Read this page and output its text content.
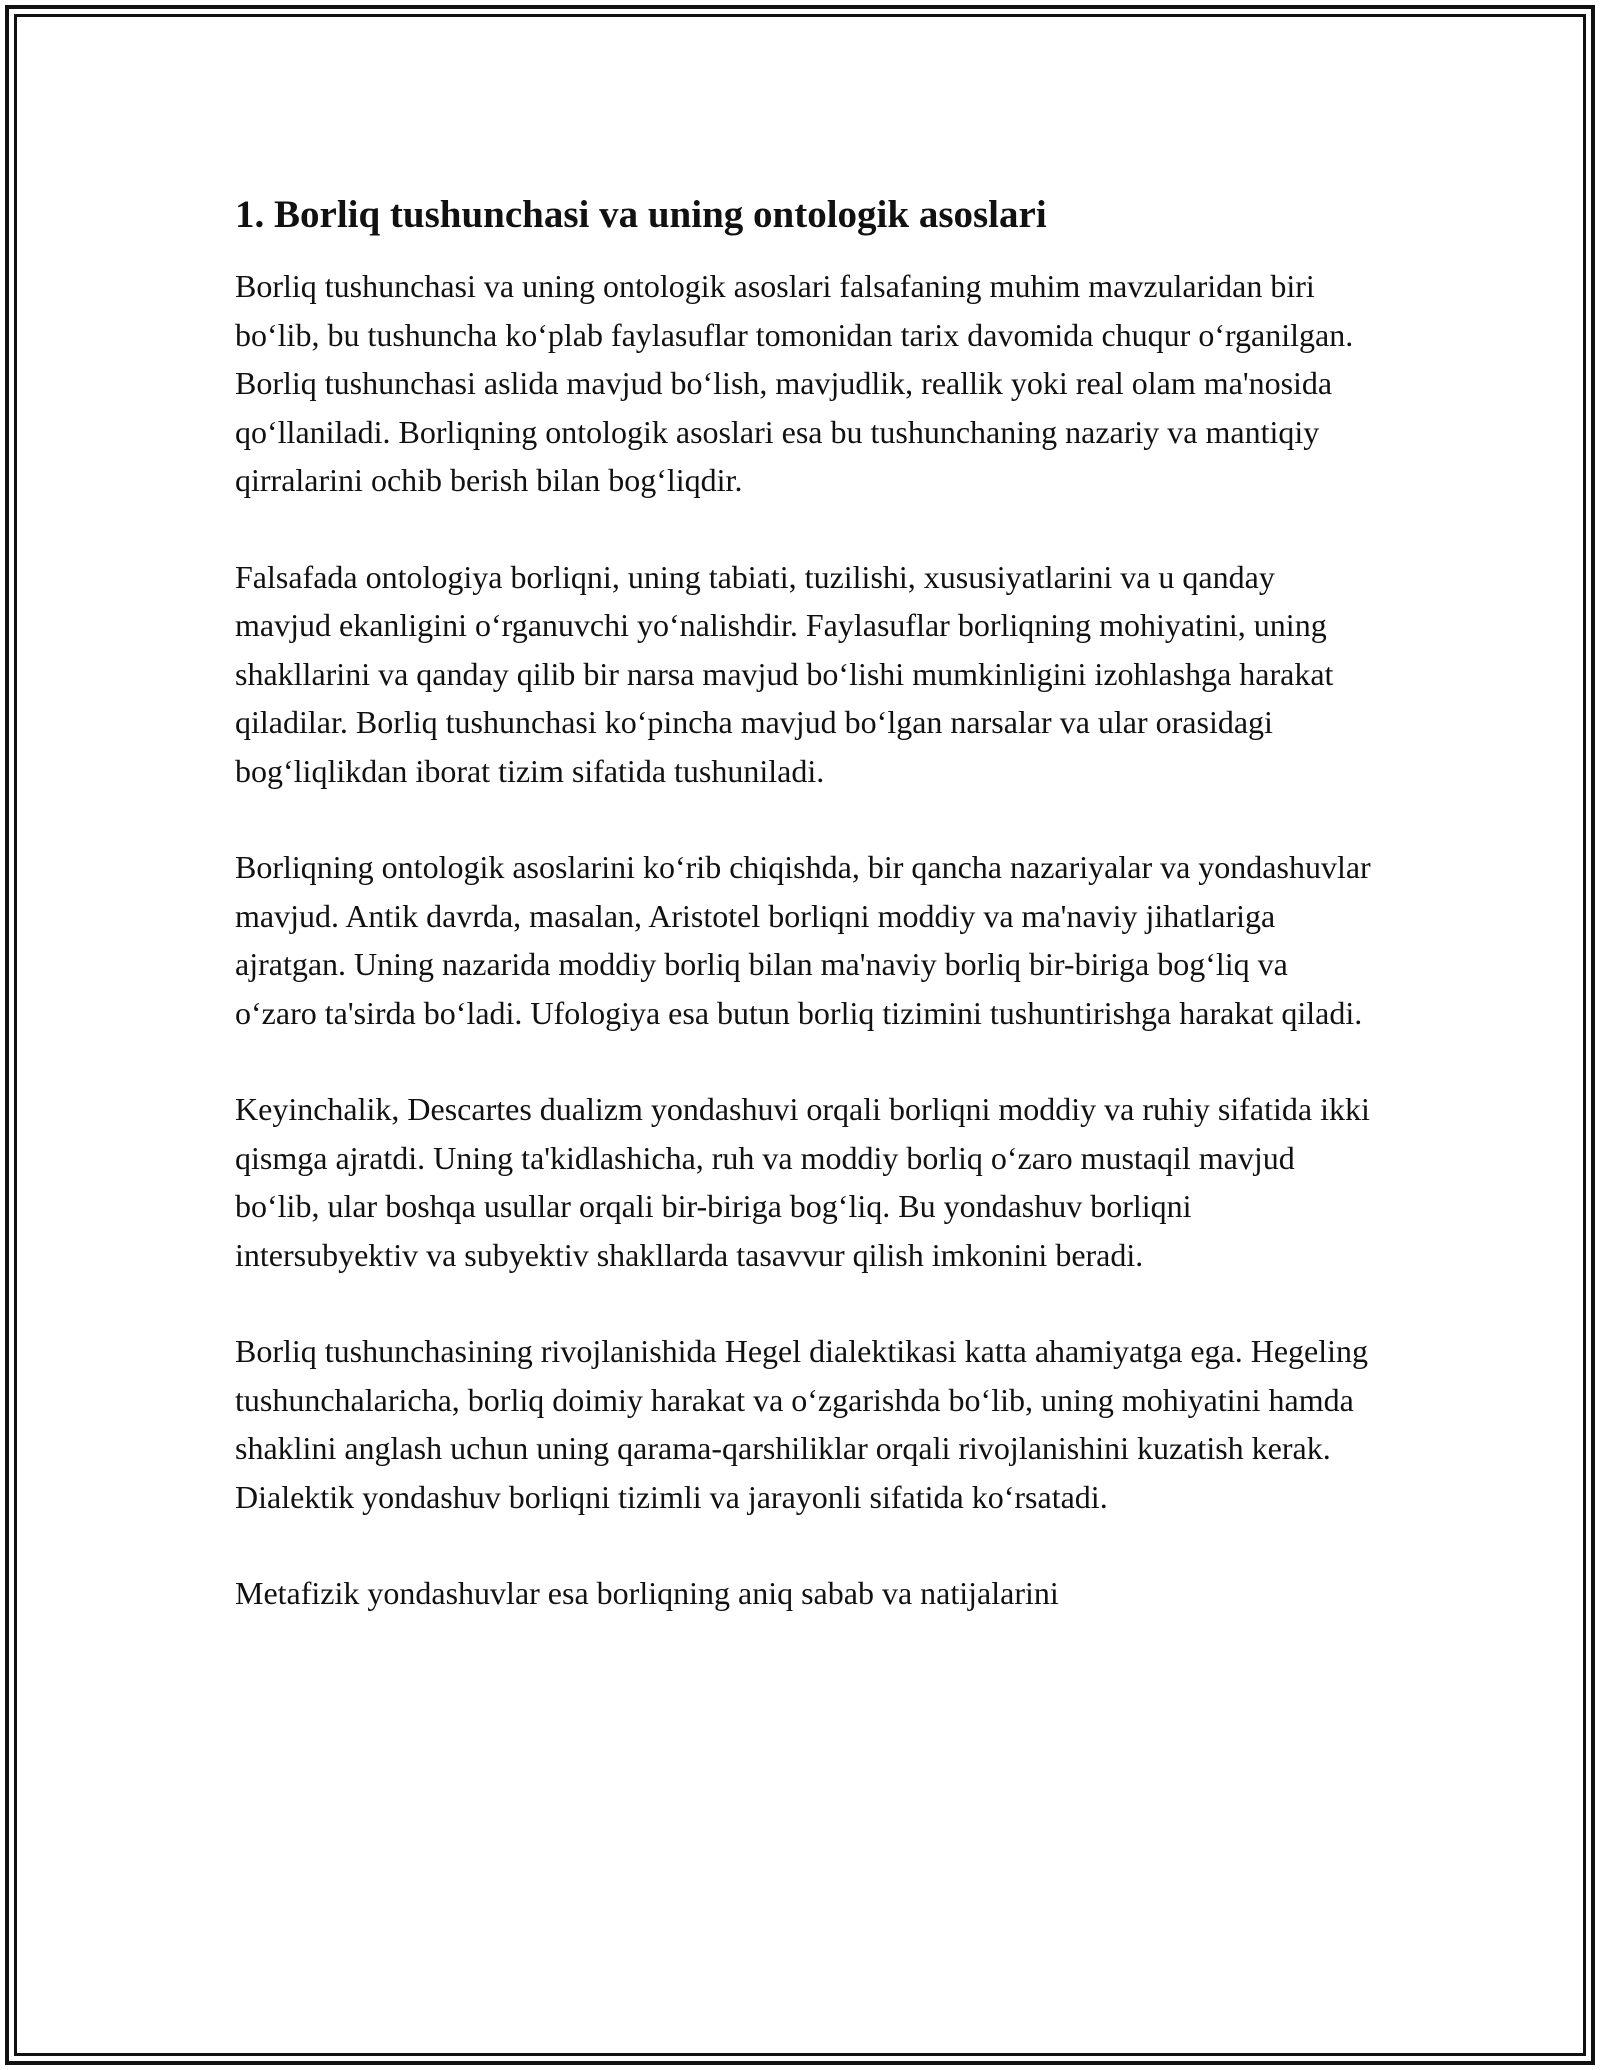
1. Borliq tushunchasi va uning ontologik asoslari

Borliq tushunchasi va uning ontologik asoslari falsafaning muhim mavzularidan biri bo‘lib, bu tushuncha ko‘plab faylasuflar tomonidan tarix davomida chuqur o‘rganilgan. Borliq tushunchasi aslida mavjud bo‘lish, mavjudlik, reallik yoki real olam ma'nosida qo‘llaniladi. Borliqning ontologik asoslari esa bu tushunchaning nazariy va mantiqiy qirralarini ochib berish bilan bog‘liqdir.

Falsafada ontologiya borliqni, uning tabiati, tuzilishi, xususiyatlarini va u qanday mavjud ekanligini o‘rganuvchi yo‘nalishdir. Faylasuflar borliqning mohiyatini, uning shakllarini va qanday qilib bir narsa mavjud bo‘lishi mumkinligini izohlashga harakat qiladilar. Borliq tushunchasi ko‘pincha mavjud bo‘lgan narsalar va ular orasidagi bog‘liqlikdan iborat tizim sifatida tushuniladi.

Borliqning ontologik asoslarini ko‘rib chiqishda, bir qancha nazariyalar va yondashuvlar mavjud. Antik davrda, masalan, Aristotel borliqni moddiy va ma'naviy jihatlariga ajratgan. Uning nazarida moddiy borliq bilan ma'naviy borliq bir-biriga bog‘liq va o‘zaro ta'sirda bo‘ladi. Ufologiya esa butun borliq tizimini tushuntirishga harakat qiladi.

Keyinchalik, Descartes dualizm yondashuvi orqali borliqni moddiy va ruhiy sifatida ikki qismga ajratdi. Uning ta'kidlashicha, ruh va moddiy borliq o‘zaro mustaqil mavjud bo‘lib, ular boshqa usullar orqali bir-biriga bog‘liq. Bu yondashuv borliqni intersubyektiv va subyektiv shakllarda tasavvur qilish imkonini beradi.

Borliq tushunchasining rivojlanishida Hegel dialektikasi katta ahamiyatga ega. Hegeling tushunchalaricha, borliq doimiy harakat va o‘zgarishda bo‘lib, uning mohiyatini hamda shaklini anglash uchun uning qarama-qarshiliklar orqali rivojlanishini kuzatish kerak. Dialektik yondashuv borliqni tizimli va jarayonli sifatida ko‘rsatadi.

Metafizik yondashuvlar esa borliqning aniq sabab va natijalarini
